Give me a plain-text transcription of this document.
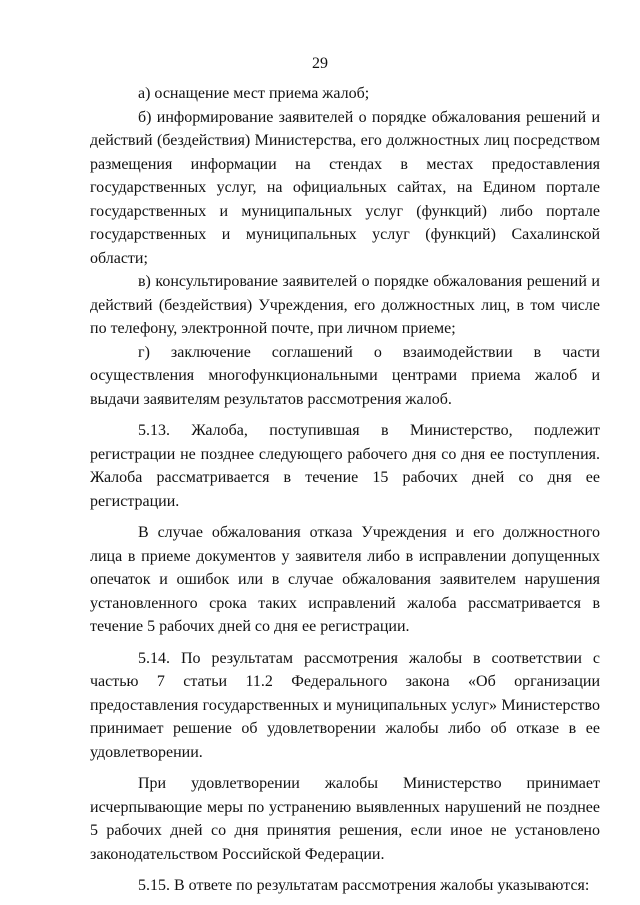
29

а) оснащение мест приема жалоб;

б) информирование заявителей о порядке обжалования решений и действий (бездействия) Министерства, его должностных лиц посредством размещения информации на стендах в местах предоставления государственных услуг, на официальных сайтах, на Едином портале государственных и муниципальных услуг (функций) либо портале государственных и муниципальных услуг (функций) Сахалинской области;

в) консультирование заявителей о порядке обжалования решений и действий (бездействия) Учреждения, его должностных лиц, в том числе по телефону, электронной почте, при личном приеме;

г) заключение соглашений о взаимодействии в части осуществления многофункциональными центрами приема жалоб и выдачи заявителям результатов рассмотрения жалоб.

5.13. Жалоба, поступившая в Министерство, подлежит регистрации не позднее следующего рабочего дня со дня ее поступления. Жалоба рассматривается в течение 15 рабочих дней со дня ее регистрации.

В случае обжалования отказа Учреждения и его должностного лица в приеме документов у заявителя либо в исправлении допущенных опечаток и ошибок или в случае обжалования заявителем нарушения установленного срока таких исправлений жалоба рассматривается в течение 5 рабочих дней со дня ее регистрации.

5.14. По результатам рассмотрения жалобы в соответствии с частью 7 статьи 11.2 Федерального закона «Об организации предоставления государственных и муниципальных услуг» Министерство принимает решение об удовлетворении жалобы либо об отказе в ее удовлетворении.

При удовлетворении жалобы Министерство принимает исчерпывающие меры по устранению выявленных нарушений не позднее 5 рабочих дней со дня принятия решения, если иное не установлено законодательством Российской Федерации.

5.15. В ответе по результатам рассмотрения жалобы указываются:
